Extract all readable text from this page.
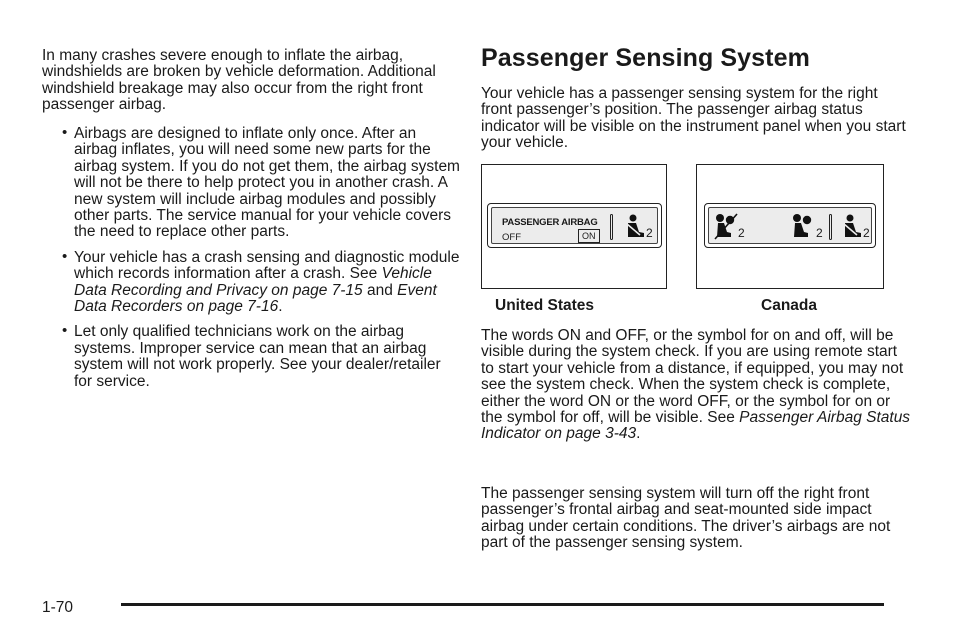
In many crashes severe enough to inflate the airbag, windshields are broken by vehicle deformation. Additional windshield breakage may also occur from the right front passenger airbag.

• Airbags are designed to inflate only once. After an airbag inflates, you will need some new parts for the airbag system. If you do not get them, the airbag system will not be there to help protect you in another crash. A new system will include airbag modules and possibly other parts. The service manual for your vehicle covers the need to replace other parts.
• Your vehicle has a crash sensing and diagnostic module which records information after a crash. See Vehicle Data Recording and Privacy on page 7-15 and Event Data Recorders on page 7-16.
• Let only qualified technicians work on the airbag systems. Improper service can mean that an airbag system will not work properly. See your dealer/retailer for service.
Passenger Sensing System

Your vehicle has a passenger sensing system for the right front passenger’s position. The passenger airbag status indicator will be visible on the instrument panel when you start your vehicle.

PASSENGER AIRBAG
OFF	ON	2
United States
2	2	2
Canada

The words ON and OFF, or the symbol for on and off, will be visible during the system check. If you are using remote start to start your vehicle from a distance, if equipped, you may not see the system check. When the system check is complete, either the word ON or the word OFF, or the symbol for on or the symbol for off, will be visible. See Passenger Airbag Status Indicator on page 3-43.

The passenger sensing system will turn off the right front passenger’s frontal airbag and seat-mounted side impact airbag under certain conditions. The driver’s airbags are not part of the passenger sensing system.

1-70
